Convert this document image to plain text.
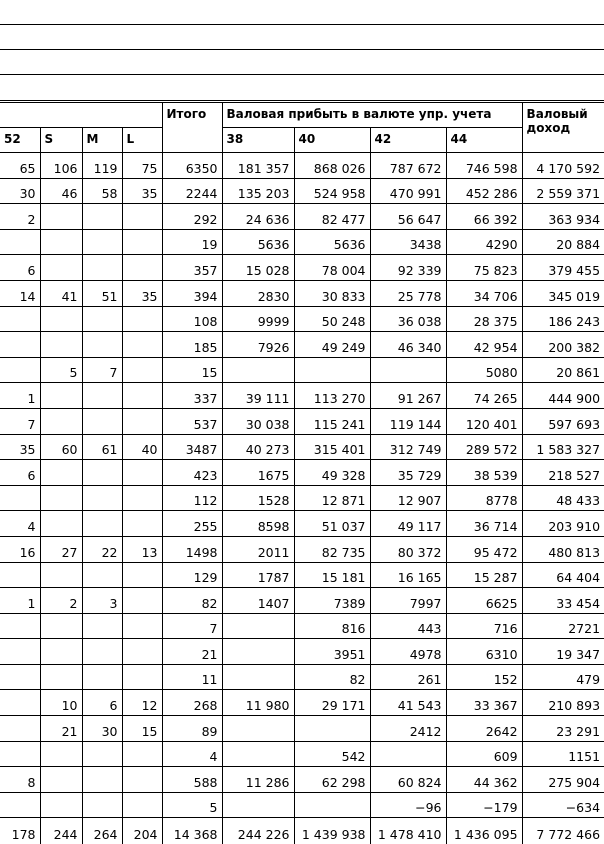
				Итого	Валовая прибыть в валюте упр. учета				Валовый доход
52	S	M	L		38	40	42	44	
65	106	119	75	6350	181 357	868 026	787 672	746 598	4 170 592
30	46	58	35	2244	135 203	524 958	470 991	452 286	2 559 371
2				292	24 636	82 477	56 647	66 392	363 934
				19	5636	5636	3438	4290	20 884
6				357	15 028	78 004	92 339	75 823	379 455
14	41	51	35	394	2830	30 833	25 778	34 706	345 019
				108	9999	50 248	36 038	28 375	186 243
				185	7926	49 249	46 340	42 954	200 382
	5	7		15				5080	20 861
1				337	39 111	113 270	91 267	74 265	444 900
7				537	30 038	115 241	119 144	120 401	597 693
35	60	61	40	3487	40 273	315 401	312 749	289 572	1 583 327
6				423	1675	49 328	35 729	38 539	218 527
				112	1528	12 871	12 907	8778	48 433
4				255	8598	51 037	49 117	36 714	203 910
16	27	22	13	1498	2011	82 735	80 372	95 472	480 813
				129	1787	15 181	16 165	15 287	64 404
1	2	3		82	1407	7389	7997	6625	33 454
				7		816	443	716	2721
				21		3951	4978	6310	19 347
				11		82	261	152	479
	10	6	12	268	11 980	29 171	41 543	33 367	210 893
	21	30	15	89			2412	2642	23 291
				4		542		609	1151
8				588	11 286	62 298	60 824	44 362	275 904
				5			−96	−179	−634
178	244	264	204	14 368	244 226	1 439 938	1 478 410	1 436 095	7 772 466
